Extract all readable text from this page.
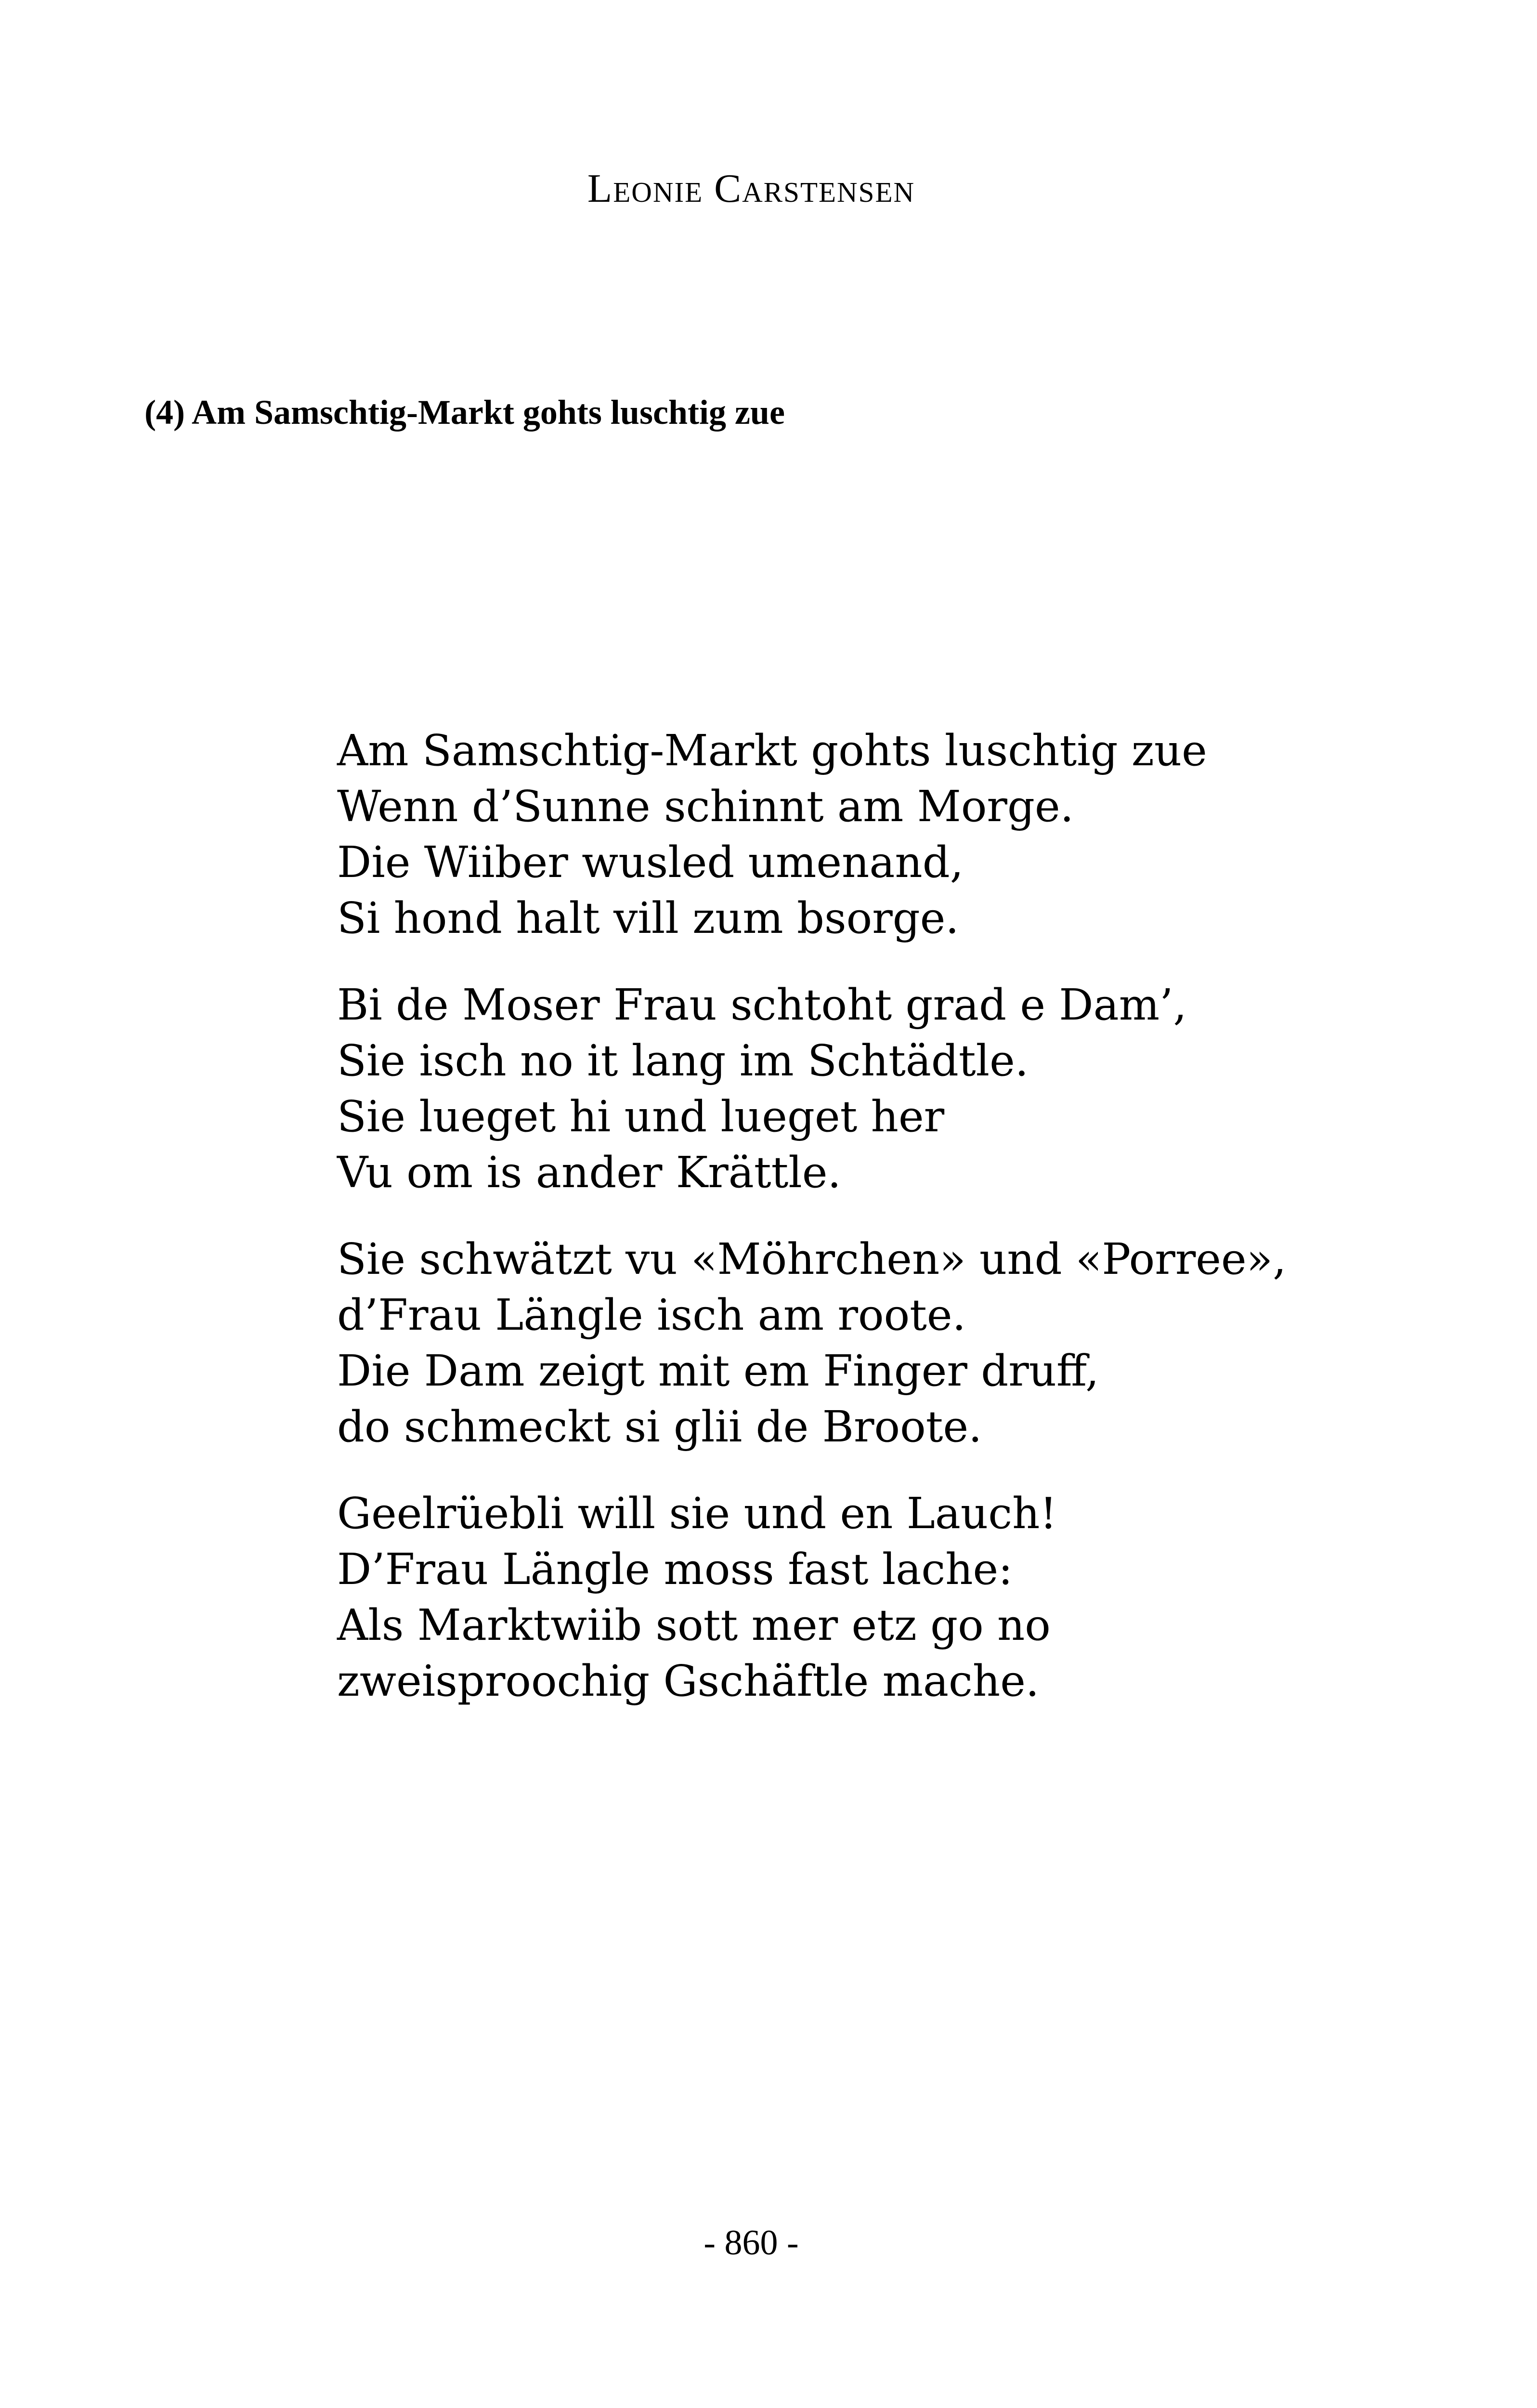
Leonie Carstensen
(4) Am Samschtig-Markt gohts luschtig zue
Am Samschtig-Markt gohts luschtig zue
Wenn d’Sunne schinnt am Morge.
Die Wiiber wusled umenand,
Si hond halt vill zum bsorge.
Bi de Moser Frau schtoht grad e Dam’,
Sie isch no it lang im Schtädtle.
Sie lueget hi und lueget her
Vu om is ander Krättle.
Sie schwätzt vu «Möhrchen» und «Porree»,
d’Frau Längle isch am roote.
Die Dam zeigt mit em Finger druff,
do schmeckt si glii de Broote.
Geelrüebli will sie und en Lauch!
D’Frau Längle moss fast lache:
Als Marktwiib sott mer etz go no
zweisproochig Gschäftle mache.
- 860 -
